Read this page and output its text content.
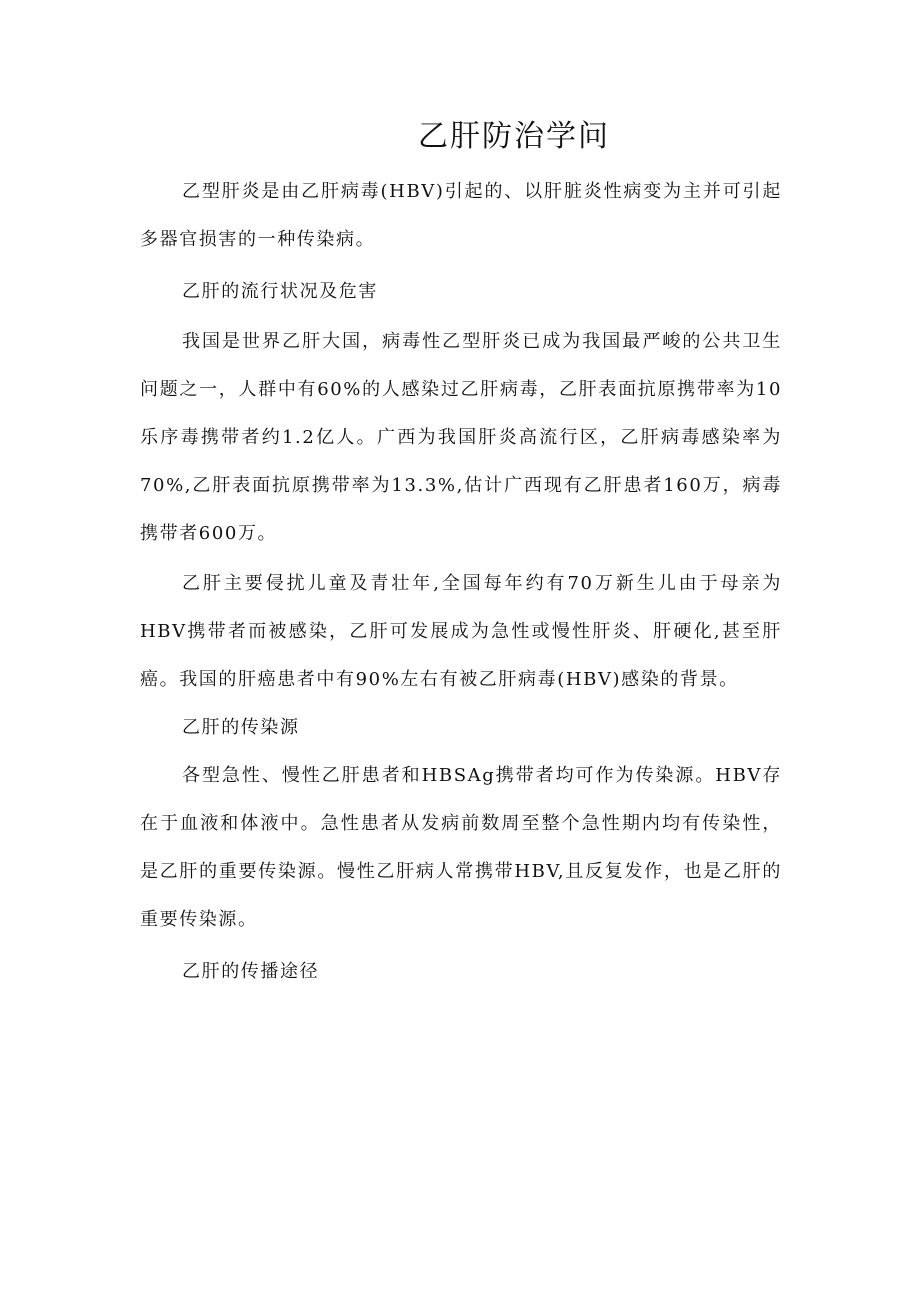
乙肝防治学问

乙型肝炎是由乙肝病毒(HBV)引起的、以肝脏炎性病变为主并可引起多器官损害的一种传染病。

乙肝的流行状况及危害

我国是世界乙肝大国，病毒性乙型肝炎已成为我国最严峻的公共卫生问题之一，人群中有60%的人感染过乙肝病毒，乙肝表面抗原携带率为10乐序毒携带者约1.2亿人。广西为我国肝炎高流行区，乙肝病毒感染率为70%,乙肝表面抗原携带率为13.3%,估计广西现有乙肝患者160万，病毒携带者600万。

乙肝主要侵扰儿童及青壮年,全国每年约有70万新生儿由于母亲为HBV携带者而被感染，乙肝可发展成为急性或慢性肝炎、肝硬化,甚至肝癌。我国的肝癌患者中有90%左右有被乙肝病毒(HBV)感染的背景。

乙肝的传染源

各型急性、慢性乙肝患者和HBSAg携带者均可作为传染源。HBV存在于血液和体液中。急性患者从发病前数周至整个急性期内均有传染性，是乙肝的重要传染源。慢性乙肝病人常携带HBV,且反复发作，也是乙肝的重要传染源。

乙肝的传播途径
